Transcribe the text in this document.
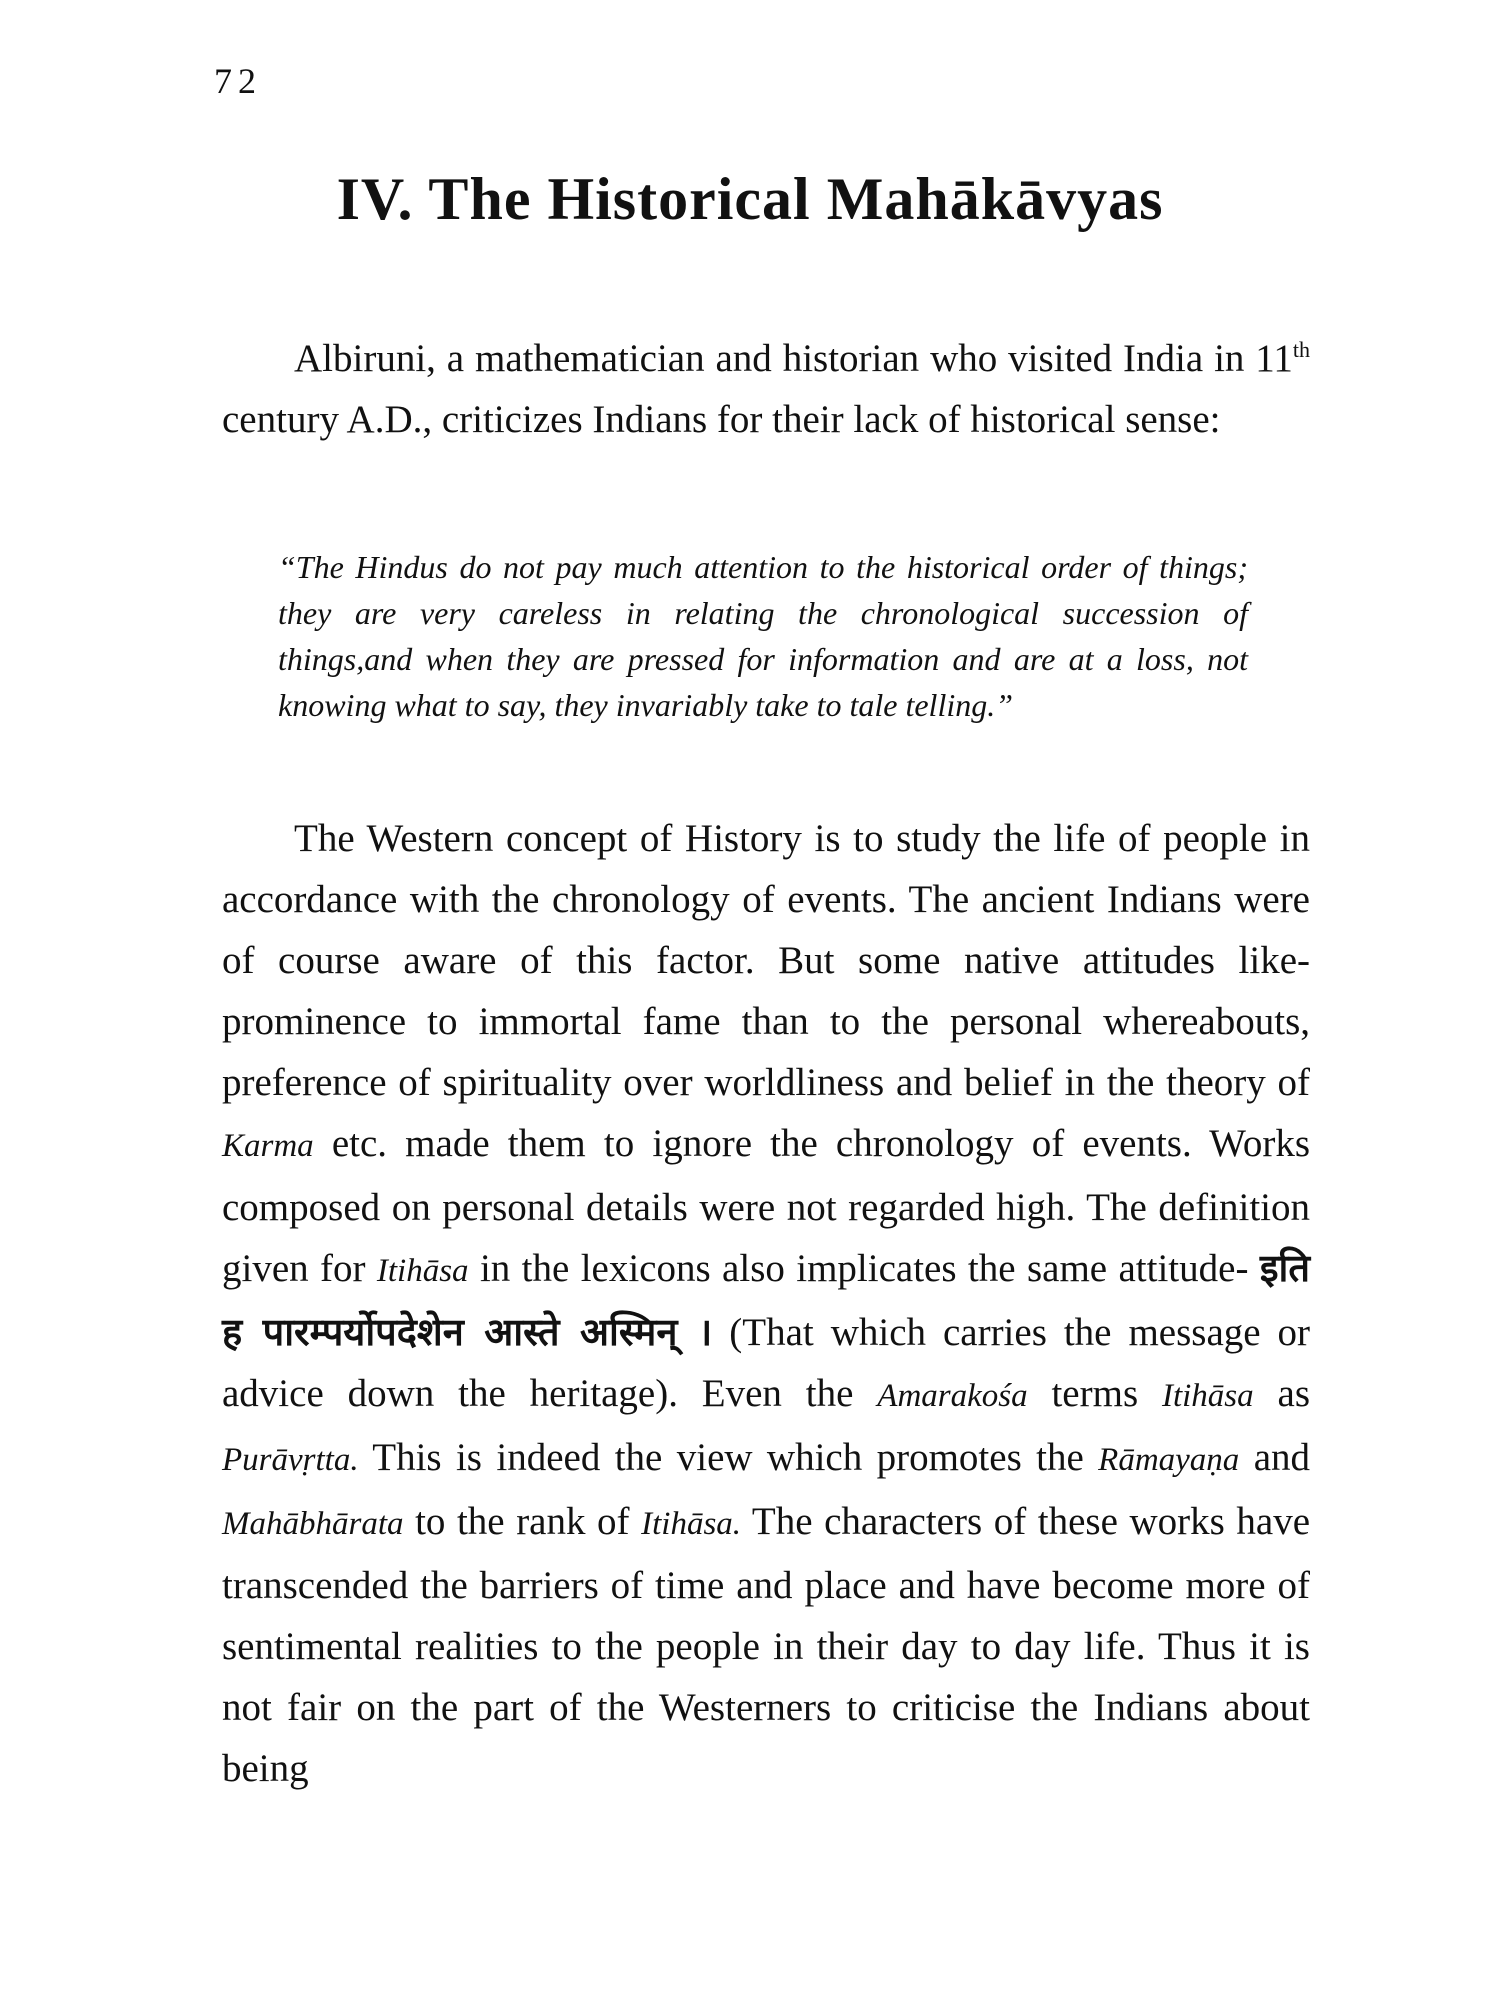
72
IV. The Historical Mahākāvyas

Albiruni, a mathematician and historian who visited India in 11th century A.D., criticizes Indians for their lack of historical sense:

“The Hindus do not pay much attention to the historical order of things; they are very careless in relating the chronological succession of things,and when they are pressed for information and are at a loss, not knowing what to say, they invariably take to tale telling.”

The Western concept of History is to study the life of people in accordance with the chronology of events. The ancient Indians were of course aware of this factor. But some native attitudes like-prominence to immortal fame than to the personal whereabouts, preference of spirituality over worldliness and belief in the theory of Karma etc. made them to ignore the chronology of events. Works composed on personal details were not regarded high. The definition given for Itihāsa in the lexicons also implicates the same attitude- इति ह पारम्पर्योपदेशेन आस्ते अस्मिन् । (That which carries the message or advice down the heritage). Even the Amarakośa terms Itihāsa as Purāvṛtta. This is indeed the view which promotes the Rāmayaṇa and Mahābhārata to the rank of Itihāsa. The characters of these works have transcended the barriers of time and place and have become more of sentimental realities to the people in their day to day life. Thus it is not fair on the part of the Westerners to criticise the Indians about being
